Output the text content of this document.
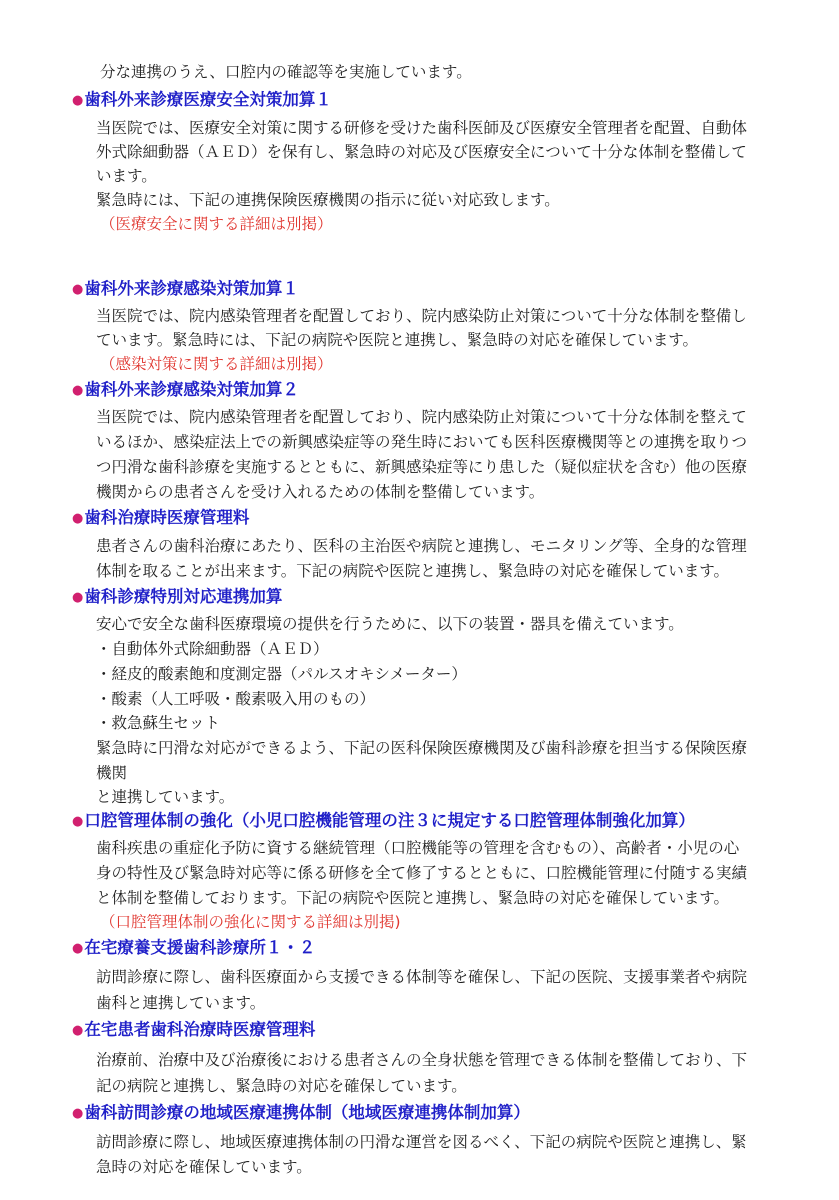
分な連携のうえ、口腔内の確認等を実施しています。
●歯科外来診療医療安全対策加算１
当医院では、医療安全対策に関する研修を受けた歯科医師及び医療安全管理者を配置、自動体
外式除細動器（ＡＥＤ）を保有し、緊急時の対応及び医療安全について十分な体制を整備して
います。
緊急時には、下記の連携保険医療機関の指示に従い対応致します。
（医療安全に関する詳細は別掲）
●歯科外来診療感染対策加算１
当医院では、院内感染管理者を配置しており、院内感染防止対策について十分な体制を整備し
ています。緊急時には、下記の病院や医院と連携し、緊急時の対応を確保しています。
（感染対策に関する詳細は別掲）
●歯科外来診療感染対策加算２
当医院では、院内感染管理者を配置しており、院内感染防止対策について十分な体制を整えて
いるほか、感染症法上での新興感染症等の発生時においても医科医療機関等との連携を取りつ
つ円滑な歯科診療を実施するとともに、新興感染症等にり患した（疑似症状を含む）他の医療
機関からの患者さんを受け入れるための体制を整備しています。
●歯科治療時医療管理料
患者さんの歯科治療にあたり、医科の主治医や病院と連携し、モニタリング等、全身的な管理
体制を取ることが出来ます。下記の病院や医院と連携し、緊急時の対応を確保しています。
●歯科診療特別対応連携加算
安心で安全な歯科医療環境の提供を行うために、以下の装置・器具を備えています。
・自動体外式除細動器（ＡＥＤ）
・経皮的酸素飽和度測定器（パルスオキシメーター）
・酸素（人工呼吸・酸素吸入用のもの）
・救急蘇生セット
緊急時に円滑な対応ができるよう、下記の医科保険医療機関及び歯科診療を担当する保険医療
機関
と連携しています。
●口腔管理体制の強化（小児口腔機能管理の注３に規定する口腔管理体制強化加算）
歯科疾患の重症化予防に資する継続管理（口腔機能等の管理を含むもの）、高齢者・小児の心
身の特性及び緊急時対応等に係る研修を全て修了するとともに、口腔機能管理に付随する実績
と体制を整備しております。下記の病院や医院と連携し、緊急時の対応を確保しています。
（口腔管理体制の強化に関する詳細は別掲)
●在宅療養支援歯科診療所１・２
訪問診療に際し、歯科医療面から支援できる体制等を確保し、下記の医院、支援事業者や病院
歯科と連携しています。
●在宅患者歯科治療時医療管理料
治療前、治療中及び治療後における患者さんの全身状態を管理できる体制を整備しており、下
記の病院と連携し、緊急時の対応を確保しています。
●歯科訪問診療の地域医療連携体制（地域医療連携体制加算）
訪問診療に際し、地域医療連携体制の円滑な運営を図るべく、下記の病院や医院と連携し、緊
急時の対応を確保しています。
